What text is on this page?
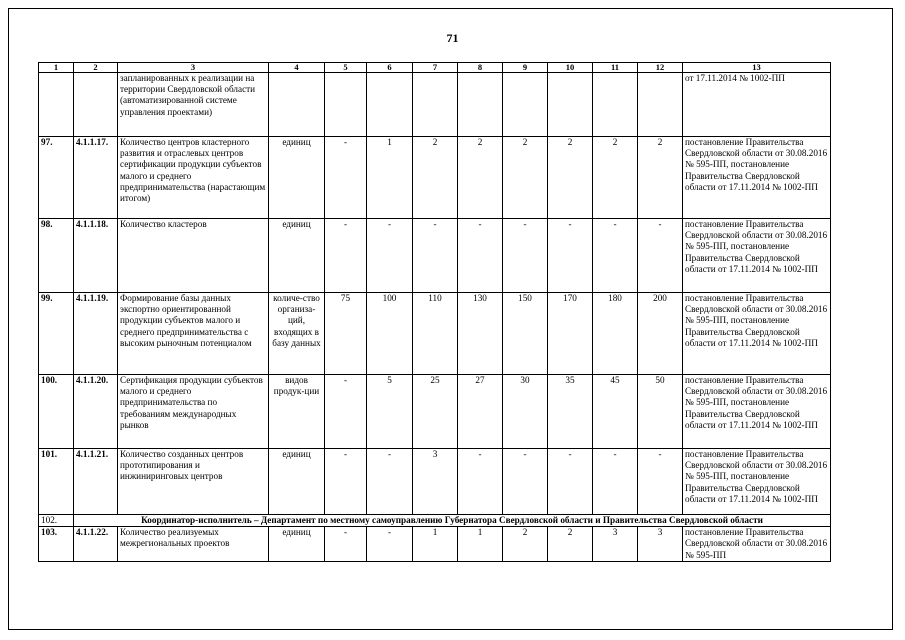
71
1	2	3	4	5	6	7	8	9	10	11	12	13
		запланированных к реализации на территории Свердловской области (автоматизированной системе управления проектами)										от 17.11.2014 № 1002-ПП
97.	4.1.1.17.	Количество центров кластерного развития и отраслевых центров сертификации продукции субъектов малого и среднего предпринимательства (нарастающим итогом)	единиц	-	1	2	2	2	2	2	2	постановление Правительства Свердловской области от 30.08.2016 № 595-ПП, постановление Правительства Свердловской области от 17.11.2014 № 1002-ПП
98.	4.1.1.18.	Количество кластеров	единиц	-	-	-	-	-	-	-	-	постановление Правительства Свердловской области от 30.08.2016 № 595-ПП, постановление Правительства Свердловской области от 17.11.2014 № 1002-ПП
99.	4.1.1.19.	Формирование базы данных экспортно ориентированной продукции субъектов малого и среднего предпринимательства с высоким рыночным потенциалом	количе-ство организа-ций, входящих в базу данных	75	100	110	130	150	170	180	200	постановление Правительства Свердловской области от 30.08.2016 № 595-ПП, постановление Правительства Свердловской области от 17.11.2014 № 1002-ПП
100.	4.1.1.20.	Сертификация продукции субъектов малого и среднего предпринимательства по требованиям международных рынков	видов продук-ции	-	5	25	27	30	35	45	50	постановление Правительства Свердловской области от 30.08.2016 № 595-ПП, постановление Правительства Свердловской области от 17.11.2014 № 1002-ПП
101.	4.1.1.21.	Количество созданных центров прототипирования и инжиниринговых центров	единиц	-	-	3	-	-	-	-	-	постановление Правительства Свердловской области от 30.08.2016 № 595-ПП, постановление Правительства Свердловской области от 17.11.2014 № 1002-ПП
102.	Координатор-исполнитель – Департамент по местному самоуправлению Губернатора Свердловской области и Правительства Свердловской области											
103.	4.1.1.22.	Количество реализуемых межрегиональных проектов	единиц	-	-	1	1	2	2	3	3	постановление Правительства Свердловской области от 30.08.2016 № 595-ПП
